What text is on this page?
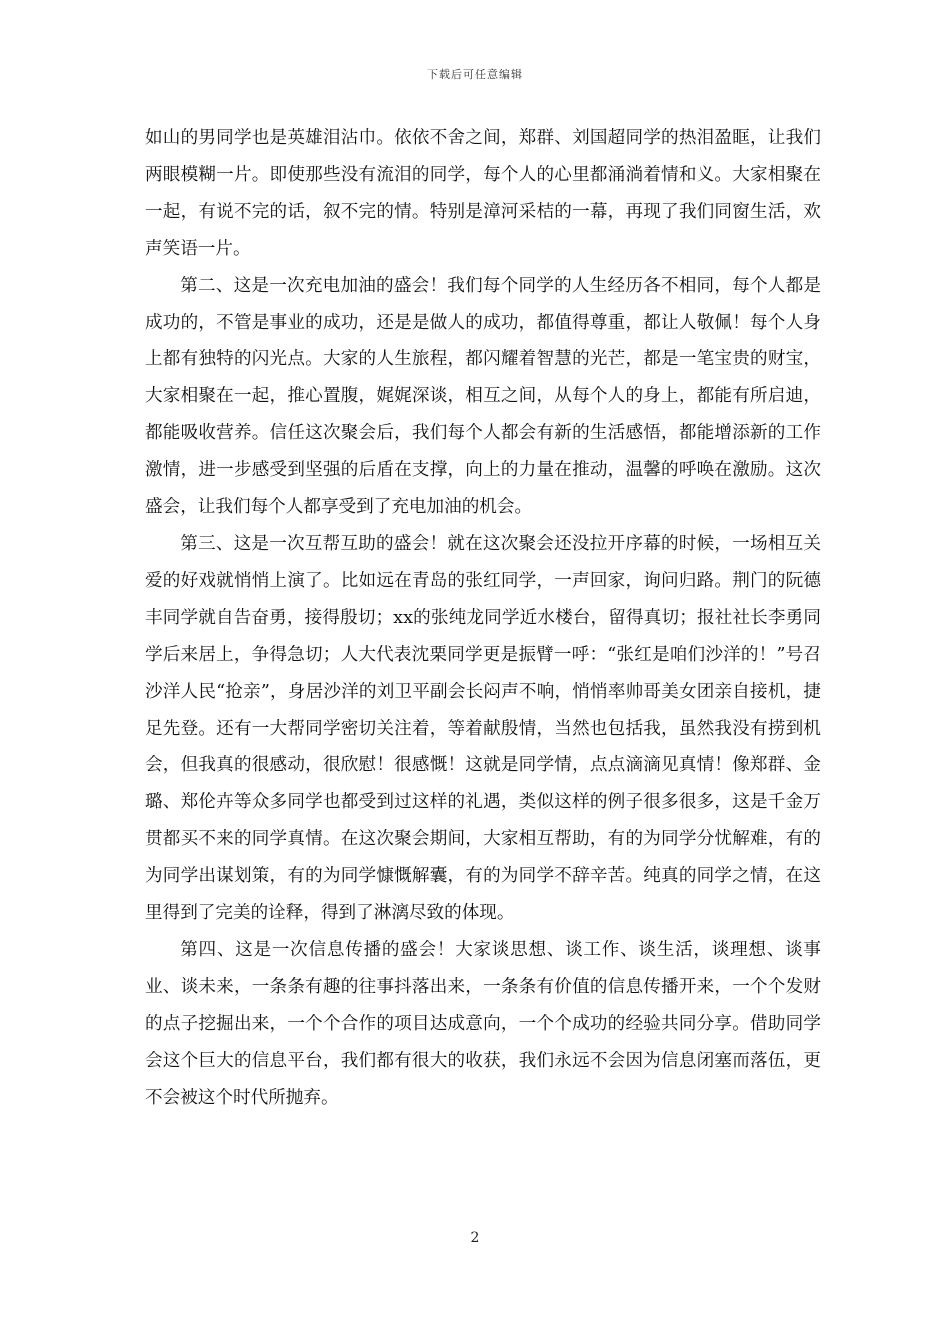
下载后可任意编辑

如山的男同学也是英雄泪沾巾。依依不舍之间，郑群、刘国超同学的热泪盈眶，让我们两眼模糊一片。即使那些没有流泪的同学，每个人的心里都涌淌着情和义。大家相聚在一起，有说不完的话，叙不完的情。特别是漳河采桔的一幕，再现了我们同窗生活，欢声笑语一片。

第二、这是一次充电加油的盛会！我们每个同学的人生经历各不相同，每个人都是成功的，不管是事业的成功，还是是做人的成功，都值得尊重，都让人敬佩！每个人身上都有独特的闪光点。大家的人生旅程，都闪耀着智慧的光芒，都是一笔宝贵的财宝，大家相聚在一起，推心置腹，娓娓深谈，相互之间，从每个人的身上，都能有所启迪，都能吸收营养。信任这次聚会后，我们每个人都会有新的生活感悟，都能增添新的工作激情，进一步感受到坚强的后盾在支撑，向上的力量在推动，温馨的呼唤在激励。这次盛会，让我们每个人都享受到了充电加油的机会。

第三、这是一次互帮互助的盛会！就在这次聚会还没拉开序幕的时候，一场相互关爱的好戏就悄悄上演了。比如远在青岛的张红同学，一声回家，询问归路。荆门的阮德丰同学就自告奋勇，接得殷切；xx的张纯龙同学近水楼台，留得真切；报社社长李勇同学后来居上，争得急切；人大代表沈栗同学更是振臂一呼：“张红是咱们沙洋的！”号召沙洋人民“抢亲”，身居沙洋的刘卫平副会长闷声不响，悄悄率帅哥美女团亲自接机，捷足先登。还有一大帮同学密切关注着，等着献殷情，当然也包括我，虽然我没有捞到机会，但我真的很感动，很欣慰！很感慨！这就是同学情，点点滴滴见真情！像郑群、金璐、郑伦卉等众多同学也都受到过这样的礼遇，类似这样的例子很多很多，这是千金万贯都买不来的同学真情。在这次聚会期间，大家相互帮助，有的为同学分忧解难，有的为同学出谋划策，有的为同学慷慨解囊，有的为同学不辞辛苦。纯真的同学之情，在这里得到了完美的诠释，得到了淋漓尽致的体现。

第四、这是一次信息传播的盛会！大家谈思想、谈工作、谈生活，谈理想、谈事业、谈未来，一条条有趣的往事抖落出来，一条条有价值的信息传播开来，一个个发财的点子挖掘出来，一个个合作的项目达成意向，一个个成功的经验共同分享。借助同学会这个巨大的信息平台，我们都有很大的收获，我们永远不会因为信息闭塞而落伍，更不会被这个时代所抛弃。

2
